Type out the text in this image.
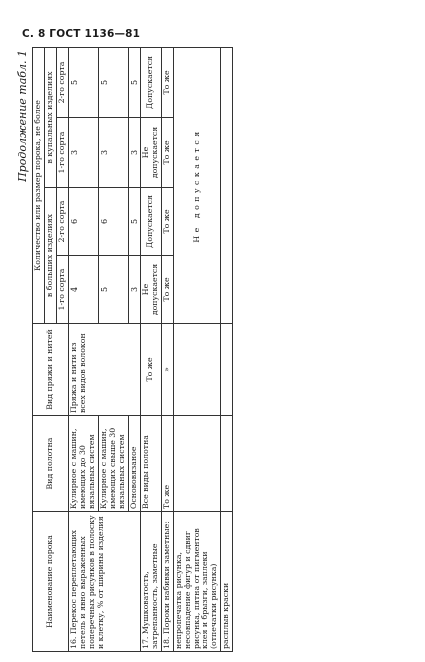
С. 8 ГОСТ 1136—81
Продолжение табл. 1
Наименование порока	Вид полотна	Вид пряжи и нитей	Количество или размер порока, не более			
			в больших изделиях		в купальных изделиях	
			1-го сорта	2-го сорта	1-го сорта	2-го сорта
16. Перекос переплетающих петель и явно выраженных поперечных рисунков в полоску и клетку, % от ширины изделия	Кулирное с машин, имеющих до 30 вязальных систем	Пряжа и нити из всех видов волокон	4	6	3	5
	Кулирное с машин, имеющих свыше 30 вязальных систем		5	6	3	5
	Основовязаное		3	5	3	5
17. Мушковатость, затрепанность, заметные	Все виды полотна	То же	Не допускается	Допускается	Не допускается	Допускается
18. Пороки набивки заметные:	То же	»	То же	То же	То же	То же
непропечатка рисунка, несовпадение фигур и сдвиг рисунка, пятна от пигментов клея и брызги, заплеки (отпечатки рисунка)			Не допускается			
расплыв краски						
